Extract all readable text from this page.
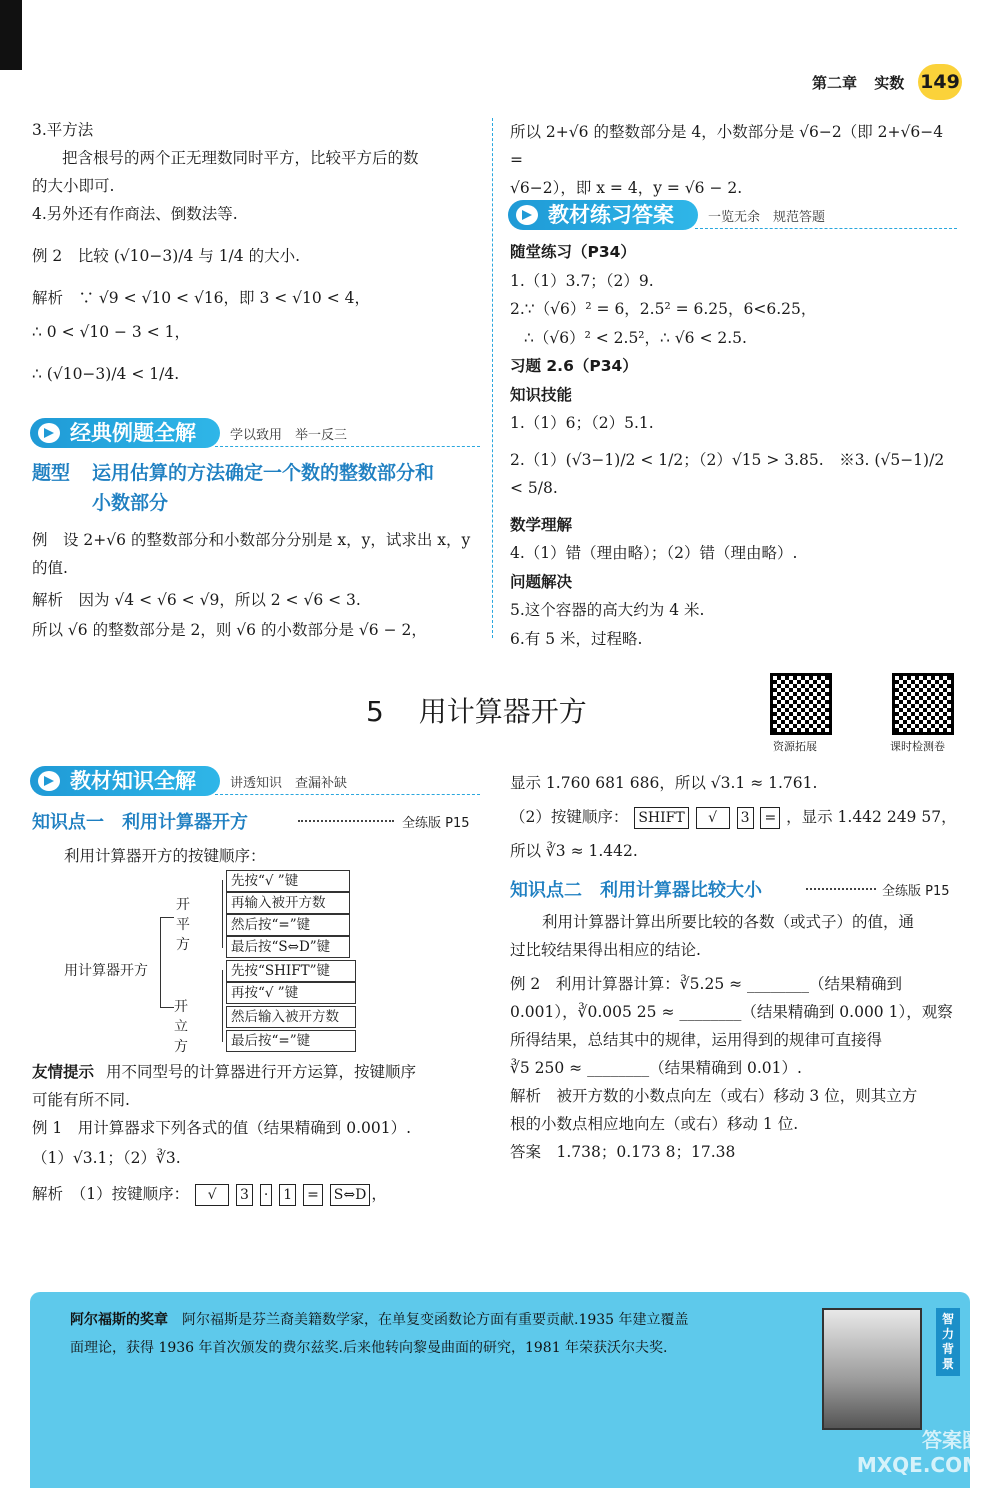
第二章 实数 149
3.平方法
把含根号的两个正无理数同时平方，比较平方后的数
的大小即可.
4.另外还有作商法、倒数法等.
例 2　比较 (√10−3)/4 与 1/4 的大小.
解析　∵ √9 < √10 < √16，即 3 < √10 < 4，
∴ 0 < √10 − 3 < 1，
∴ (√10−3)/4 < 1/4.
经典例题全解	学以致用　举一反三
题型 运用估算的方法确定一个数的整数部分和
小数部分
例　设 2+√6 的整数部分和小数部分分别是 x，y，试求出 x，y
的值.
解析　因为 √4 < √6 < √9，所以 2 < √6 < 3.
所以 √6 的整数部分是 2，则 √6 的小数部分是 √6 − 2，
所以 2+√6 的整数部分是 4，小数部分是 √6−2（即 2+√6−4 =
√6−2），即 x = 4，y = √6 − 2.
教材练习答案	一览无余　规范答题
随堂练习（P34）
1.（1）3.7；（2）9.
2.∵（√6）² = 6，2.5² = 6.25，6<6.25，
∴（√6）² < 2.5²，∴ √6 < 2.5.
习题 2.6（P34）
知识技能
1.（1）6；（2）5.1.
2.（1）(√3−1)/2 < 1/2；（2）√15 > 3.85.　※3. (√5−1)/2 < 5/8.
数学理解
4.（1）错（理由略）；（2）错（理由略）.
问题解决
5.这个容器的高大约为 4 米.
6.有 5 米，过程略.
5 用计算器开方
资源拓展	课时检测卷
教材知识全解	讲透知识　查漏补缺
知识点一　利用计算器开方	全练版 P15
利用计算器开方的按键顺序：
用计算器开方
开平方
开立方
先按“√ ”键
再输入被开方数
然后按“=”键
最后按“S⇔D”键
先按“SHIFT”键
再按“√ ”键
然后输入被开方数
最后按“=”键
友情提示 用不同型号的计算器进行开方运算，按键顺序
可能有所不同.
例 1　用计算器求下列各式的值（结果精确到 0.001）.
（1）√3.1；（2）∛3.
解析　（1）按键顺序： √ 3 · 1 = S⇔D ，
显示 1.760 681 686，所以 √3.1 ≈ 1.761.
（2）按键顺序： SHIFT √ 3 = ，显示 1.442 249 57，
所以 ∛3 ≈ 1.442.
知识点二　利用计算器比较大小	全练版 P15
利用计算器计算出所要比较的各数（或式子）的值，通
过比较结果得出相应的结论.
例 2　利用计算器计算：∛5.25 ≈ ________（结果精确到
0.001），∛0.005 25 ≈ ________（结果精确到 0.000 1），观察
所得结果，总结其中的规律，运用得到的规律可直接得
∛5 250 ≈ ________（结果精确到 0.01）.
解析　被开方数的小数点向左（或右）移动 3 位，则其立方
根的小数点相应地向左（或右）移动 1 位.
答案　1.738；0.173 8；17.38
阿尔福斯的奖章 阿尔福斯是芬兰裔美籍数学家，在单复变函数论方面有重要贡献.1935 年建立覆盖
面理论，获得 1936 年首次颁发的费尔兹奖.后来他转向黎曼曲面的研究，1981 年荣获沃尔夫奖.
智力背景
答案圈 MXQE.COM
